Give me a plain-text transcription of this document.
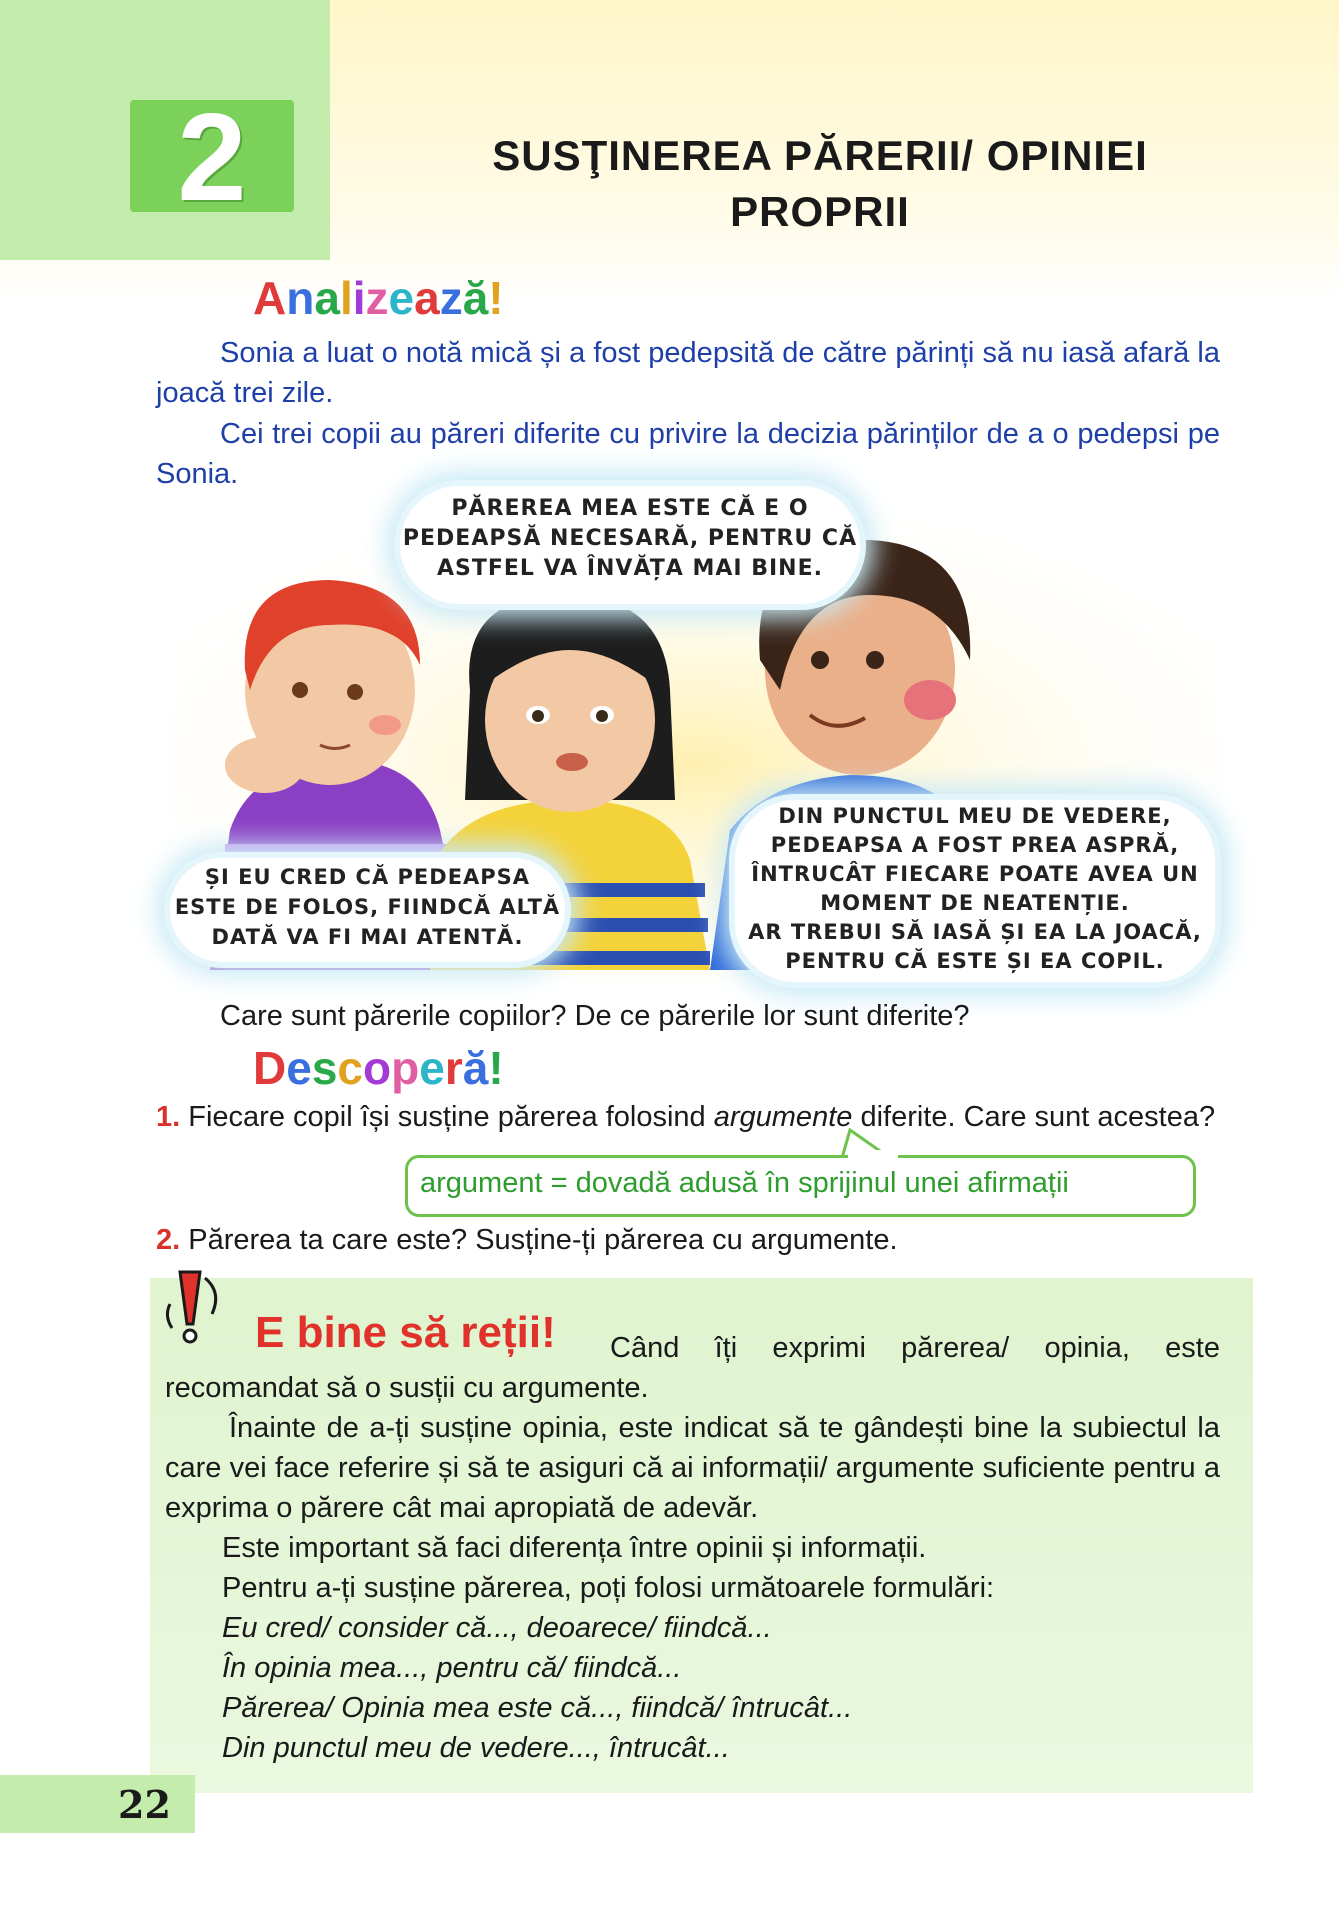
2	SUSŢINEREA PĂRERII/ OPINIEI
PROPRII
Analizează!
Sonia a luat o notă mică și a fost pedepsită de către părinți să nu iasă afară la joacă trei zile.
Cei trei copii au păreri diferite cu privire la decizia părinților de a o pedepsi pe Sonia.
PĂREREA MEA ESTE CĂ E O
PEDEAPSĂ NECESARĂ, PENTRU CĂ
ASTFEL VA ÎNVĂȚA MAI BINE.
ȘI EU CRED CĂ PEDEAPSA
ESTE DE FOLOS, FIINDCĂ ALTĂ
DATĂ VA FI MAI ATENTĂ.
DIN PUNCTUL MEU DE VEDERE,
PEDEAPSA A FOST PREA ASPRĂ,
ÎNTRUCÂT FIECARE POATE AVEA UN
MOMENT DE NEATENȚIE.
AR TREBUI SĂ IASĂ ȘI EA LA JOACĂ,
PENTRU CĂ ESTE ȘI EA COPIL.
Care sunt părerile copiilor? De ce părerile lor sunt diferite?
Descoperă!
1. Fiecare copil își susține părerea folosind argumente diferite. Care sunt acestea?
argument = dovadă adusă în sprijinul unei afirmații
2. Părerea ta care este? Susține-ți părerea cu argumente.
E bine să reții!	Când îți exprimi părerea/ opinia, este recomandat să o susții cu argumente.
Înainte de a-ți susține opinia, este indicat să te gândești bine la subiectul la care vei face referire și să te asiguri că ai informații/ argumente suficiente pentru a exprima o părere cât mai apropiată de adevăr.
Este important să faci diferența între opinii și informații.
Pentru a-ți susține părerea, poți folosi următoarele formulări:
Eu cred/ consider că..., deoarece/ fiindcă...
În opinia mea..., pentru că/ fiindcă...
Părerea/ Opinia mea este că..., fiindcă/ întrucât...
Din punctul meu de vedere..., întrucât...
22
